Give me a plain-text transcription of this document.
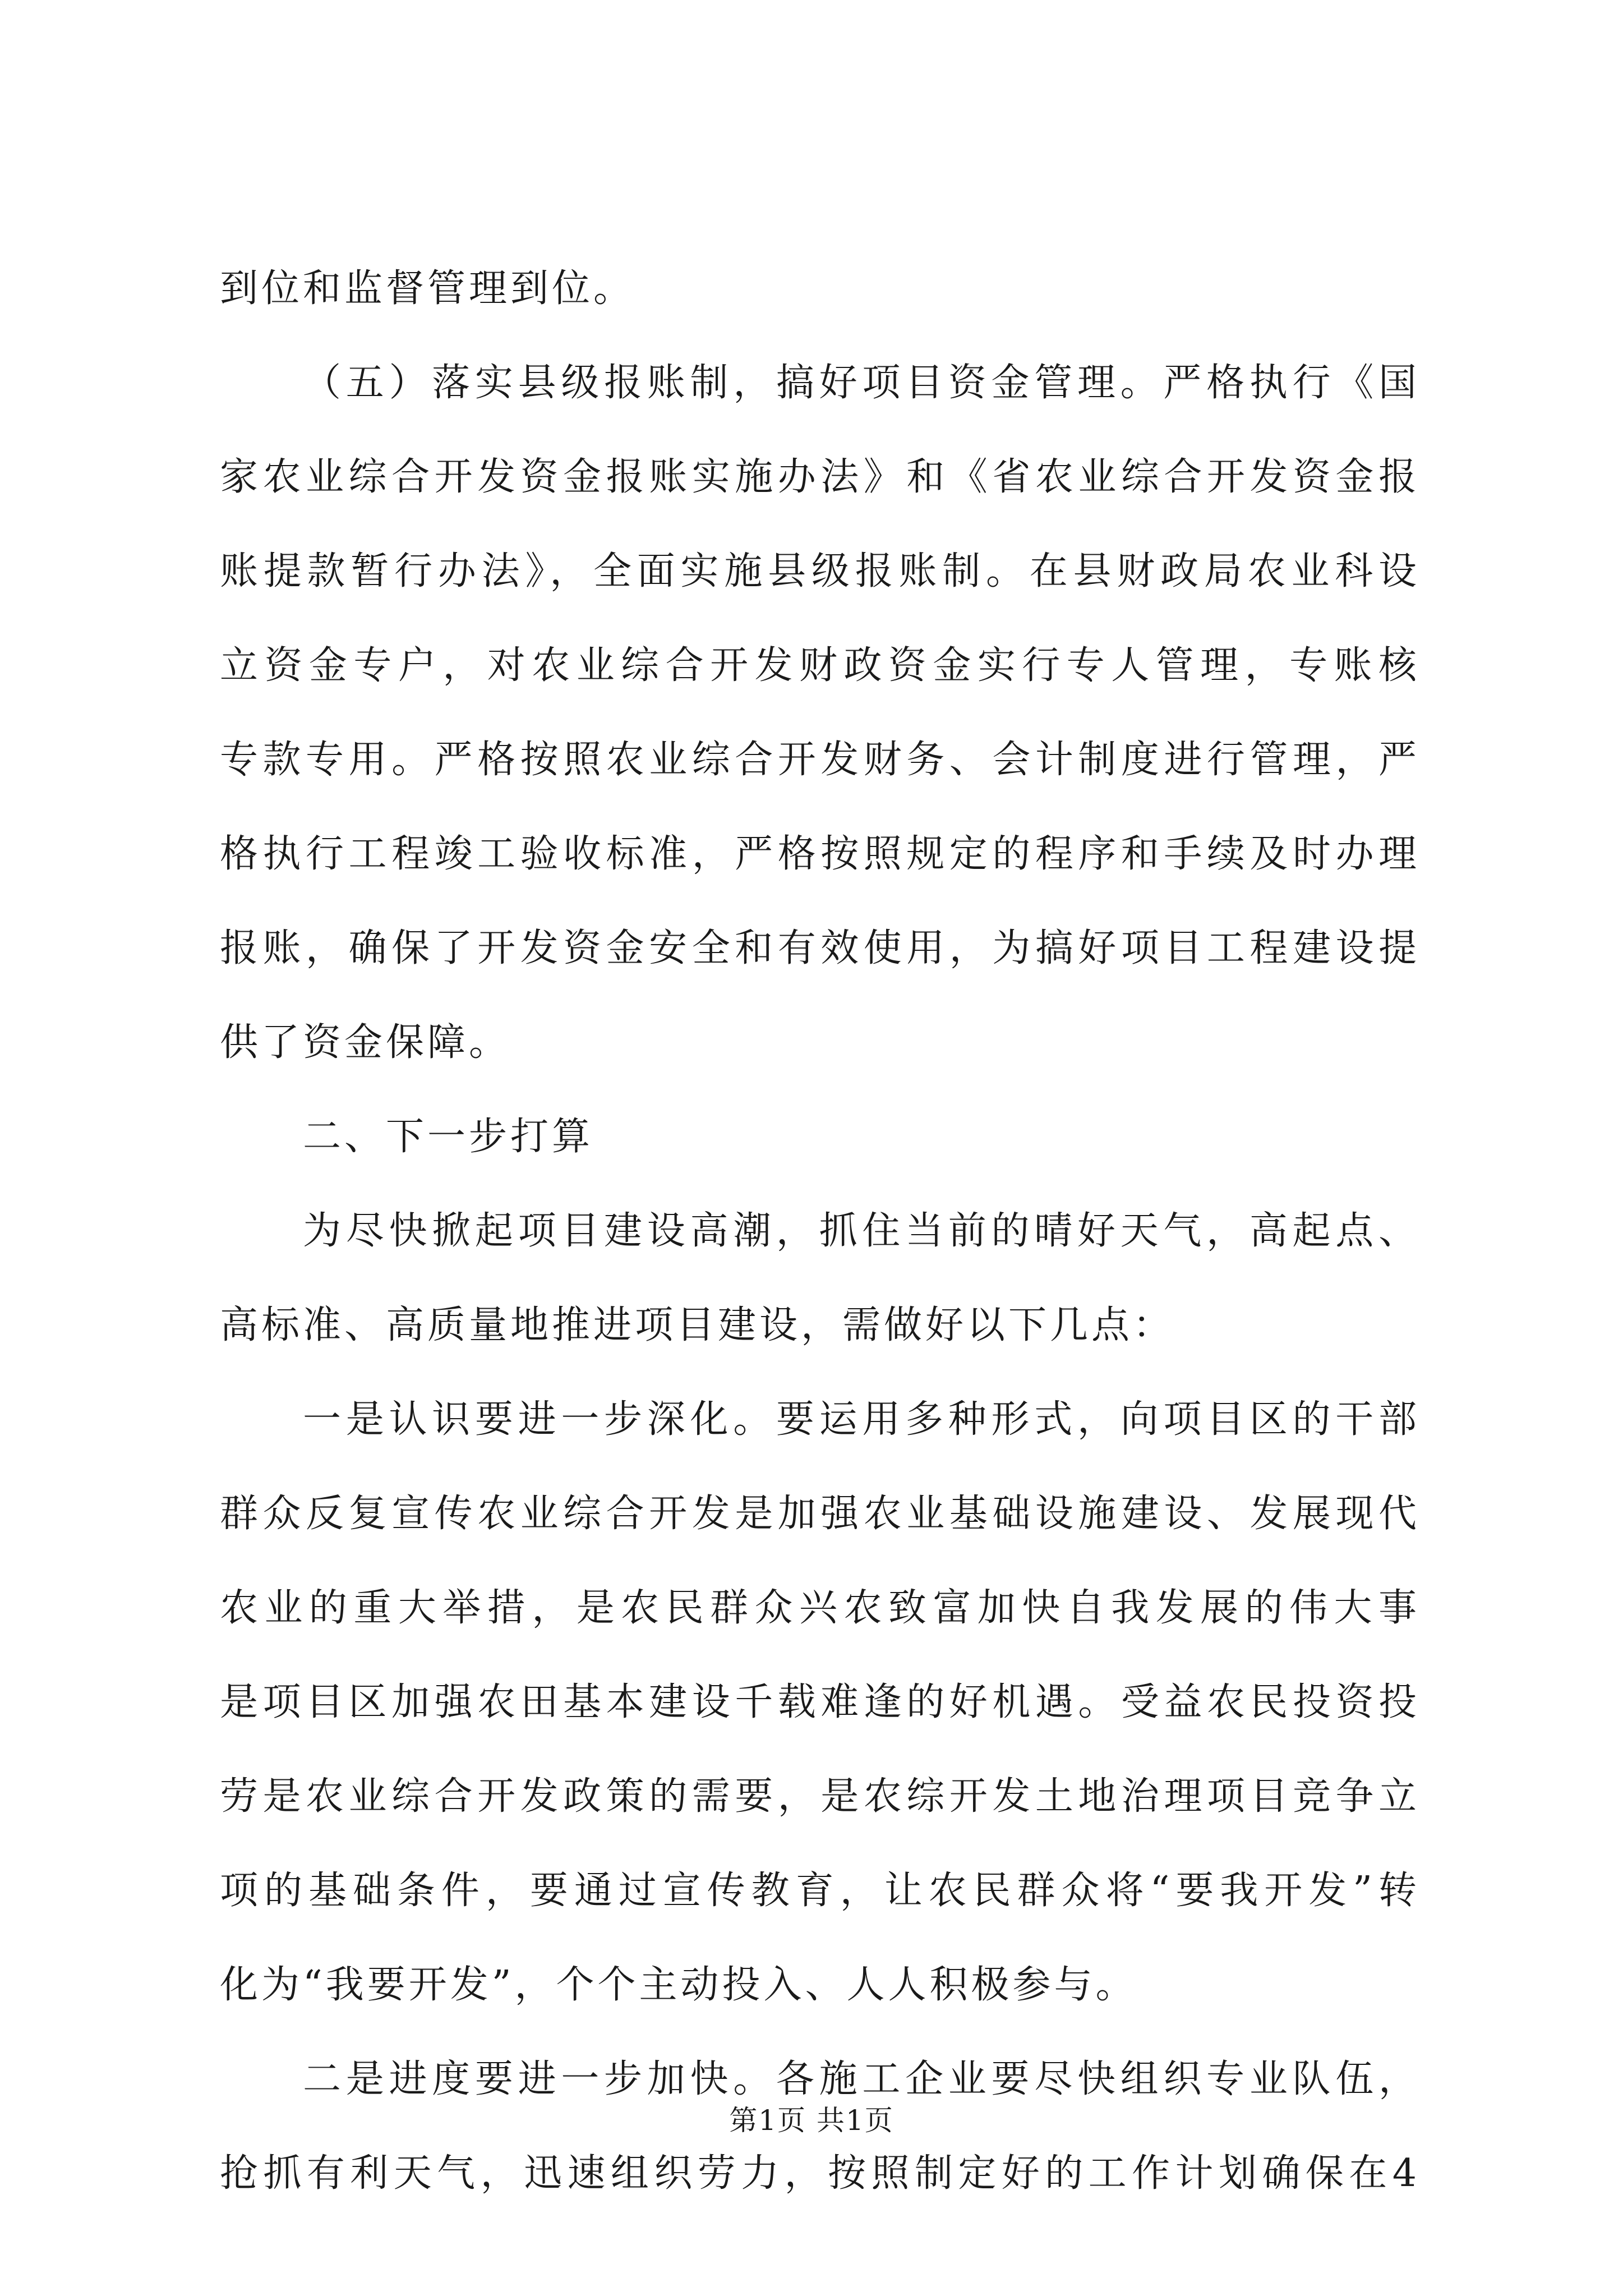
到位和监督管理到位。
（五）落实县级报账制，搞好项目资金管理。严格执行《国
家农业综合开发资金报账实施办法》和《省农业综合开发资金报
账提款暂行办法》，全面实施县级报账制。在县财政局农业科设
立资金专户，对农业综合开发财政资金实行专人管理，专账核
专款专用。严格按照农业综合开发财务、会计制度进行管理，严
格执行工程竣工验收标准，严格按照规定的程序和手续及时办理
报账，确保了开发资金安全和有效使用，为搞好项目工程建设提
供了资金保障。
二、下一步打算
为尽快掀起项目建设高潮，抓住当前的晴好天气，高起点、
高标准、高质量地推进项目建设，需做好以下几点：
一是认识要进一步深化。要运用多种形式，向项目区的干部
群众反复宣传农业综合开发是加强农业基础设施建设、发展现代
农业的重大举措，是农民群众兴农致富加快自我发展的伟大事
是项目区加强农田基本建设千载难逢的好机遇。受益农民投资投
劳是农业综合开发政策的需要，是农综开发土地治理项目竞争立
项的基础条件，要通过宣传教育，让农民群众将“要我开发”转
化为“我要开发”，个个主动投入、人人积极参与。
二是进度要进一步加快。各施工企业要尽快组织专业队伍，
抢抓有利天气，迅速组织劳力，按照制定好的工作计划确保在4
第1页 共1页
